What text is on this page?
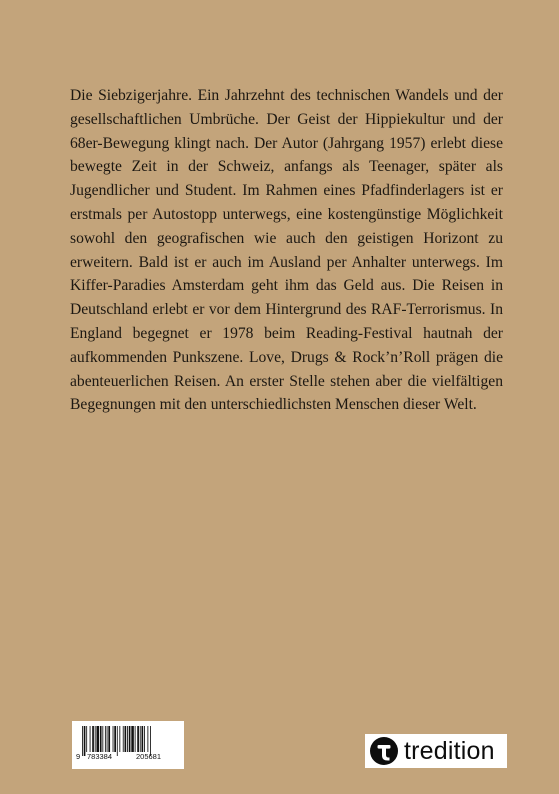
Die Siebzigerjahre. Ein Jahrzehnt des technischen Wandels und der gesellschaftlichen Umbrüche. Der Geist der Hippiekultur und der 68er-Bewegung klingt nach. Der Autor (Jahrgang 1957) erlebt diese bewegte Zeit in der Schweiz, anfangs als Teenager, später als Jugendlicher und Student. Im Rahmen eines Pfadfinderlagers ist er erstmals per Autostopp unterwegs, eine kostengünstige Möglichkeit sowohl den geografischen wie auch den geistigen Horizont zu erweitern. Bald ist er auch im Ausland per Anhalter unterwegs. Im Kiffer-Paradies Amsterdam geht ihm das Geld aus. Die Reisen in Deutschland erlebt er vor dem Hintergrund des RAF-Terrorismus. In England begegnet er 1978 beim Reading-Festival hautnah der aufkommenden Punkszene. Love, Drugs & Rock’n’Roll prägen die abenteuerlichen Reisen. An erster Stelle stehen aber die vielfältigen Begegnungen mit den unterschiedlichsten Menschen dieser Welt.

9 783384	205681	tredition
